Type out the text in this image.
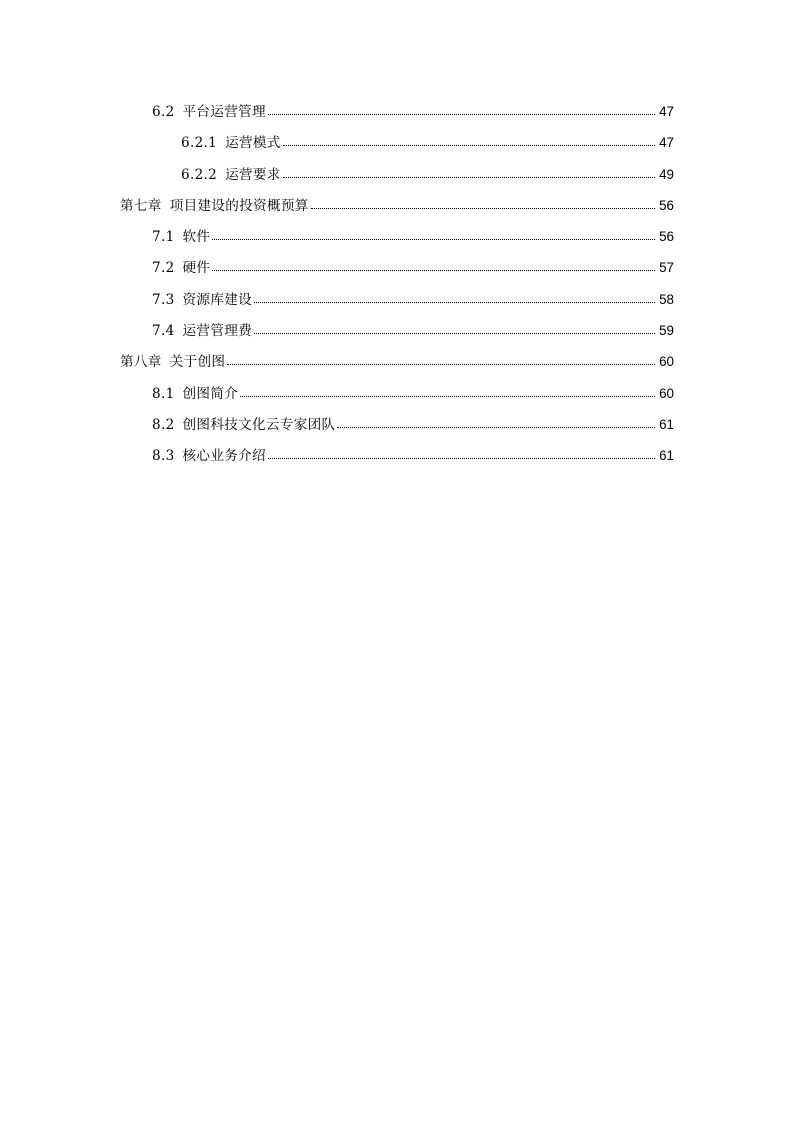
6.2 平台运营管理	47
6.2.1 运营模式	47
6.2.2 运营要求	49
第七章 项目建设的投资概预算	56
7.1 软件	56
7.2 硬件	57
7.3 资源库建设	58
7.4 运营管理费	59
第八章 关于创图	60
8.1 创图简介	60
8.2 创图科技文化云专家团队	61
8.3 核心业务介绍	61
